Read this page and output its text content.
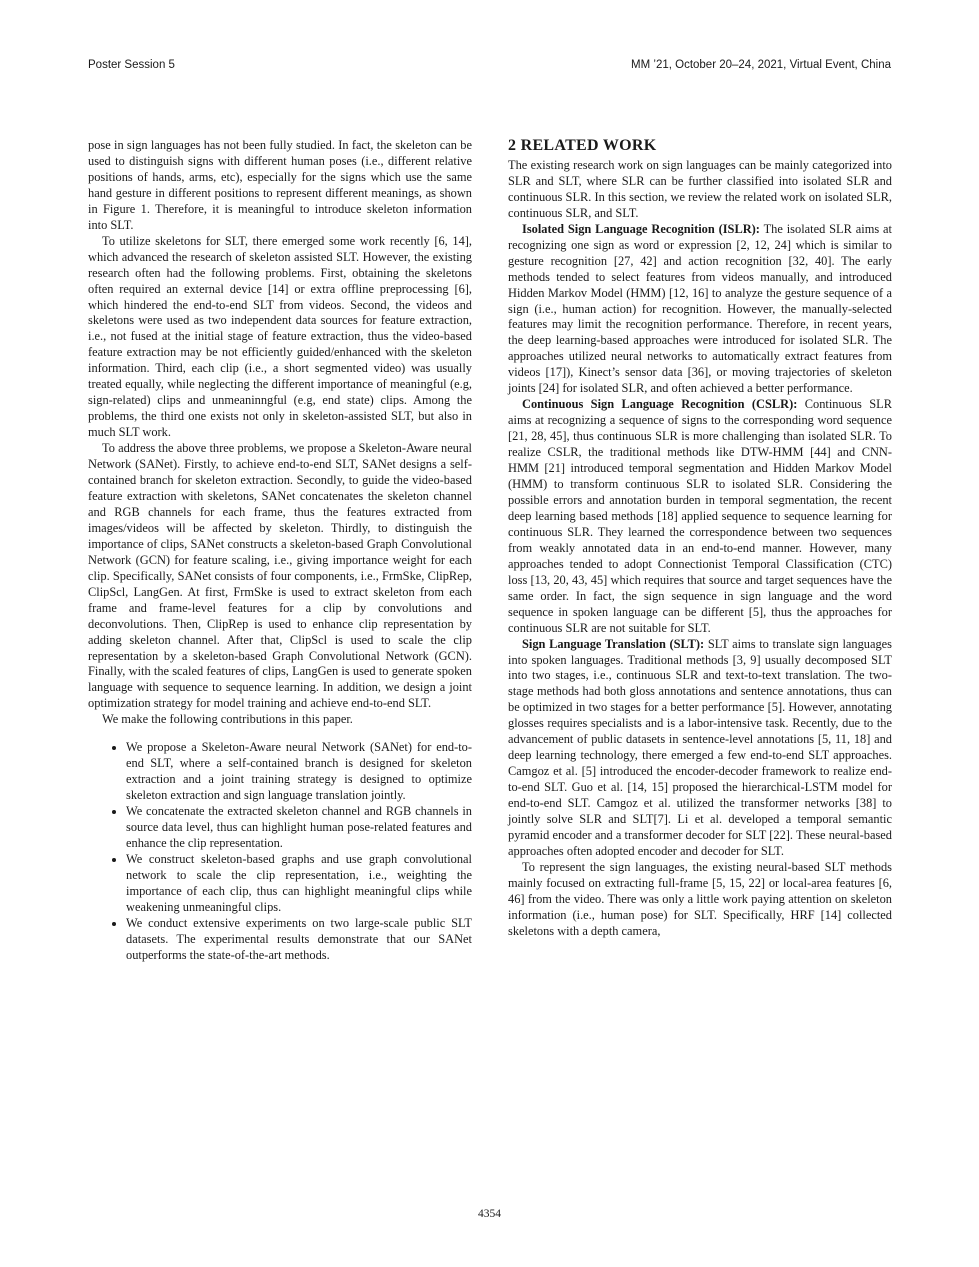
Poster Session 5	MM ’21, October 20–24, 2021, Virtual Event, China

pose in sign languages has not been fully studied. In fact, the skeleton can be used to distinguish signs with different human poses (i.e., different relative positions of hands, arms, etc), especially for the signs which use the same hand gesture in different positions to represent different meanings, as shown in Figure 1. Therefore, it is meaningful to introduce skeleton information into SLT.

To utilize skeletons for SLT, there emerged some work recently [6, 14], which advanced the research of skeleton assisted SLT. However, the existing research often had the following problems. First, obtaining the skeletons often required an external device [14] or extra offline preprocessing [6], which hindered the end-to-end SLT from videos. Second, the videos and skeletons were used as two independent data sources for feature extraction, i.e., not fused at the initial stage of feature extraction, thus the video-based feature extraction may be not efficiently guided/enhanced with the skeleton information. Third, each clip (i.e., a short segmented video) was usually treated equally, while neglecting the different importance of meaningful (e.g, sign-related) clips and unmeaninngful (e.g, end state) clips. Among the problems, the third one exists not only in skeleton-assisted SLT, but also in much SLT work.

To address the above three problems, we propose a Skeleton-Aware neural Network (SANet). Firstly, to achieve end-to-end SLT, SANet designs a self-contained branch for skeleton extraction. Secondly, to guide the video-based feature extraction with skeletons, SANet concatenates the skeleton channel and RGB channels for each frame, thus the features extracted from images/videos will be affected by skeleton. Thirdly, to distinguish the importance of clips, SANet constructs a skeleton-based Graph Convolutional Network (GCN) for feature scaling, i.e., giving importance weight for each clip. Specifically, SANet consists of four components, i.e., FrmSke, ClipRep, ClipScl, LangGen. At first, FrmSke is used to extract skeleton from each frame and frame-level features for a clip by convolutions and deconvolutions. Then, ClipRep is used to enhance clip representation by adding skeleton channel. After that, ClipScl is used to scale the clip representation by a skeleton-based Graph Convolutional Network (GCN). Finally, with the scaled features of clips, LangGen is used to generate spoken language with sequence to sequence learning. In addition, we design a joint optimization strategy for model training and achieve end-to-end SLT.

We make the following contributions in this paper.

• We propose a Skeleton-Aware neural Network (SANet) for end-to-end SLT, where a self-contained branch is designed for skeleton extraction and a joint training strategy is designed to optimize skeleton extraction and sign language translation jointly.
• We concatenate the extracted skeleton channel and RGB channels in source data level, thus can highlight human pose-related features and enhance the clip representation.
• We construct skeleton-based graphs and use graph convolutional network to scale the clip representation, i.e., weighting the importance of each clip, thus can highlight meaningful clips while weakening unmeaningful clips.
• We conduct extensive experiments on two large-scale public SLT datasets. The experimental results demonstrate that our SANet outperforms the state-of-the-art methods.
2 RELATED WORK

The existing research work on sign languages can be mainly categorized into SLR and SLT, where SLR can be further classified into isolated SLR and continuous SLR. In this section, we review the related work on isolated SLR, continuous SLR, and SLT.

Isolated Sign Language Recognition (ISLR): The isolated SLR aims at recognizing one sign as word or expression [2, 12, 24] which is similar to gesture recognition [27, 42] and action recognition [32, 40]. The early methods tended to select features from videos manually, and introduced Hidden Markov Model (HMM) [12, 16] to analyze the gesture sequence of a sign (i.e., human action) for recognition. However, the manually-selected features may limit the recognition performance. Therefore, in recent years, the deep learning-based approaches were introduced for isolated SLR. The approaches utilized neural networks to automatically extract features from videos [17]), Kinect’s sensor data [36], or moving trajectories of skeleton joints [24] for isolated SLR, and often achieved a better performance.

Continuous Sign Language Recognition (CSLR): Continuous SLR aims at recognizing a sequence of signs to the corresponding word sequence [21, 28, 45], thus continuous SLR is more challenging than isolated SLR. To realize CSLR, the traditional methods like DTW-HMM [44] and CNN-HMM [21] introduced temporal segmentation and Hidden Markov Model (HMM) to transform continuous SLR to isolated SLR. Considering the possible errors and annotation burden in temporal segmentation, the recent deep learning based methods [18] applied sequence to sequence learning for continuous SLR. They learned the correspondence between two sequences from weakly annotated data in an end-to-end manner. However, many approaches tended to adopt Connectionist Temporal Classification (CTC) loss [13, 20, 43, 45] which requires that source and target sequences have the same order. In fact, the sign sequence in sign language and the word sequence in spoken language can be different [5], thus the approaches for continuous SLR are not suitable for SLT.

Sign Language Translation (SLT): SLT aims to translate sign languages into spoken languages. Traditional methods [3, 9] usually decomposed SLT into two stages, i.e., continuous SLR and text-to-text translation. The two-stage methods had both gloss annotations and sentence annotations, thus can be optimized in two stages for a better performance [5]. However, annotating glosses requires specialists and is a labor-intensive task. Recently, due to the advancement of public datasets in sentence-level annotations [5, 11, 18] and deep learning technology, there emerged a few end-to-end SLT approaches. Camgoz et al. [5] introduced the encoder-decoder framework to realize end-to-end SLT. Guo et al. [14, 15] proposed the hierarchical-LSTM model for end-to-end SLT. Camgoz et al. utilized the transformer networks [38] to jointly solve SLR and SLT[7]. Li et al. developed a temporal semantic pyramid encoder and a transformer decoder for SLT [22]. These neural-based approaches often adopted encoder and decoder for SLT.

To represent the sign languages, the existing neural-based SLT methods mainly focused on extracting full-frame [5, 15, 22] or local-area features [6, 46] from the video. There was only a little work paying attention on skeleton information (i.e., human pose) for SLT. Specifically, HRF [14] collected skeletons with a depth camera,

4354
